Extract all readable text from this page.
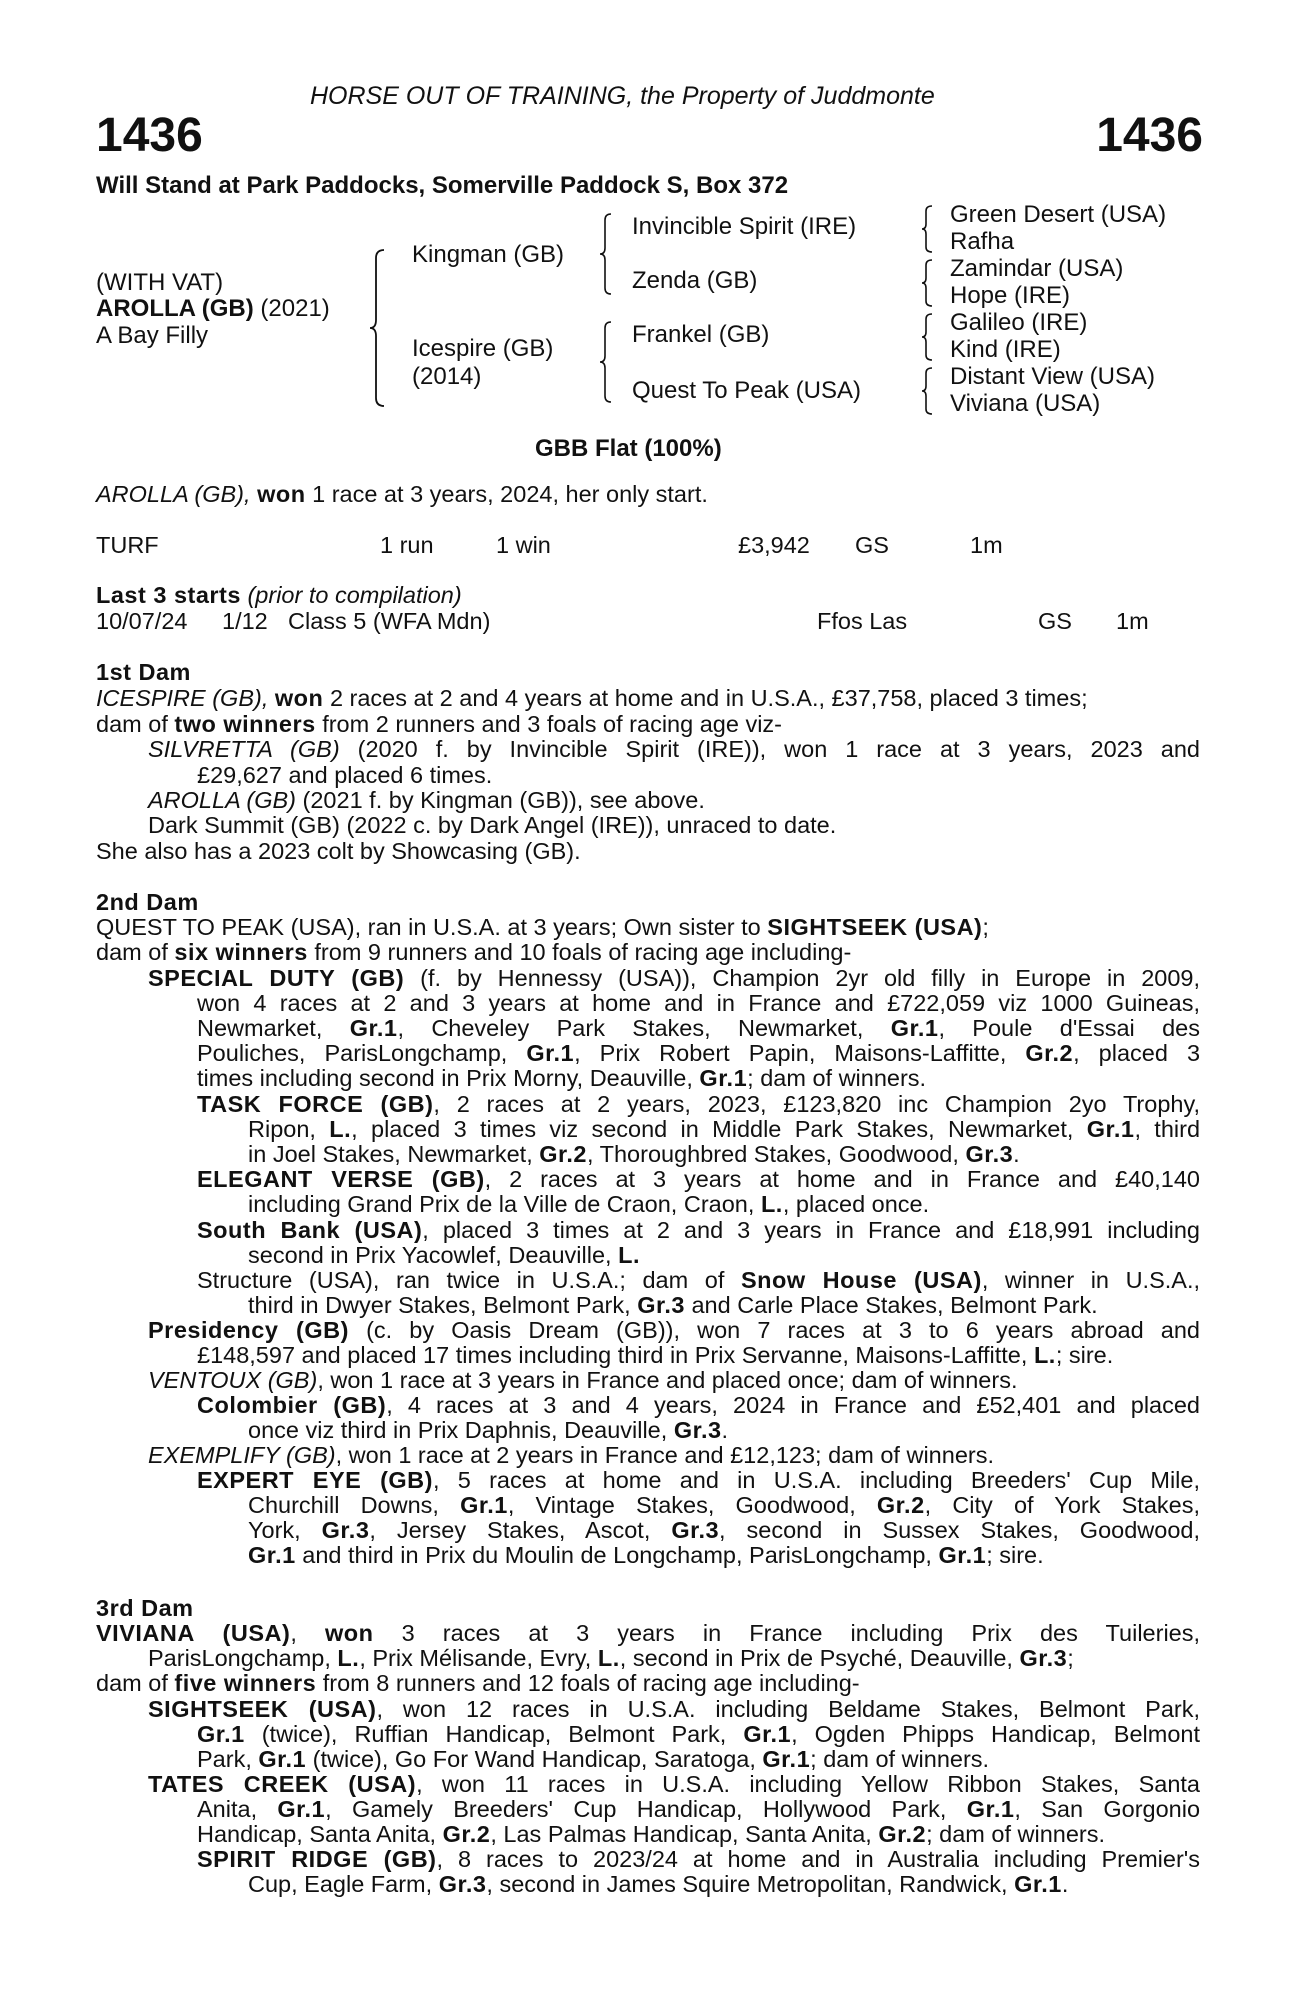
HORSE OUT OF TRAINING, the Property of Juddmonte
1436	1436
Will Stand at Park Paddocks, Somerville Paddock S, Box 372
(WITH VAT)
AROLLA (GB) (2021)
A Bay Filly
Kingman (GB)
Icespire (GB)
(2014)
Invincible Spirit (IRE)
Zenda (GB)
Frankel (GB)
Quest To Peak (USA)
Green Desert (USA)
Rafha
Zamindar (USA)
Hope (IRE)
Galileo (IRE)
Kind (IRE)
Distant View (USA)
Viviana (USA)
GBB Flat (100%)
AROLLA (GB), won 1 race at 3 years, 2024, her only start.
TURF	1 run	1 win	£3,942 GS	1m
Last 3 starts (prior to compilation)
10/07/24 1/12 Class 5 (WFA Mdn)	Ffos Las	GS 1m
1st Dam
ICESPIRE (GB), won 2 races at 2 and 4 years at home and in U.S.A., £37,758, placed 3 times;
dam of two winners from 2 runners and 3 foals of racing age viz-
SILVRETTA (GB) (2020 f. by Invincible Spirit (IRE)), won 1 race at 3 years, 2023 and
£29,627 and placed 6 times.
AROLLA (GB) (2021 f. by Kingman (GB)), see above.
Dark Summit (GB) (2022 c. by Dark Angel (IRE)), unraced to date.
She also has a 2023 colt by Showcasing (GB).
2nd Dam
QUEST TO PEAK (USA), ran in U.S.A. at 3 years; Own sister to SIGHTSEEK (USA);
dam of six winners from 9 runners and 10 foals of racing age including-
SPECIAL DUTY (GB) (f. by Hennessy (USA)), Champion 2yr old filly in Europe in 2009,
won 4 races at 2 and 3 years at home and in France and £722,059 viz 1000 Guineas,
Newmarket, Gr.1, Cheveley Park Stakes, Newmarket, Gr.1, Poule d'Essai des
Pouliches, ParisLongchamp, Gr.1, Prix Robert Papin, Maisons-Laffitte, Gr.2, placed 3
times including second in Prix Morny, Deauville, Gr.1; dam of winners.
TASK FORCE (GB), 2 races at 2 years, 2023, £123,820 inc Champion 2yo Trophy,
Ripon, L., placed 3 times viz second in Middle Park Stakes, Newmarket, Gr.1, third
in Joel Stakes, Newmarket, Gr.2, Thoroughbred Stakes, Goodwood, Gr.3.
ELEGANT VERSE (GB), 2 races at 3 years at home and in France and £40,140
including Grand Prix de la Ville de Craon, Craon, L., placed once.
South Bank (USA), placed 3 times at 2 and 3 years in France and £18,991 including
second in Prix Yacowlef, Deauville, L.
Structure (USA), ran twice in U.S.A.; dam of Snow House (USA), winner in U.S.A.,
third in Dwyer Stakes, Belmont Park, Gr.3 and Carle Place Stakes, Belmont Park.
Presidency (GB) (c. by Oasis Dream (GB)), won 7 races at 3 to 6 years abroad and
£148,597 and placed 17 times including third in Prix Servanne, Maisons-Laffitte, L.; sire.
VENTOUX (GB), won 1 race at 3 years in France and placed once; dam of winners.
Colombier (GB), 4 races at 3 and 4 years, 2024 in France and £52,401 and placed
once viz third in Prix Daphnis, Deauville, Gr.3.
EXEMPLIFY (GB), won 1 race at 2 years in France and £12,123; dam of winners.
EXPERT EYE (GB), 5 races at home and in U.S.A. including Breeders' Cup Mile,
Churchill Downs, Gr.1, Vintage Stakes, Goodwood, Gr.2, City of York Stakes,
York, Gr.3, Jersey Stakes, Ascot, Gr.3, second in Sussex Stakes, Goodwood,
Gr.1 and third in Prix du Moulin de Longchamp, ParisLongchamp, Gr.1; sire.
3rd Dam
VIVIANA (USA), won 3 races at 3 years in France including Prix des Tuileries,
ParisLongchamp, L., Prix Mélisande, Evry, L., second in Prix de Psyché, Deauville, Gr.3;
dam of five winners from 8 runners and 12 foals of racing age including-
SIGHTSEEK (USA), won 12 races in U.S.A. including Beldame Stakes, Belmont Park,
Gr.1 (twice), Ruffian Handicap, Belmont Park, Gr.1, Ogden Phipps Handicap, Belmont
Park, Gr.1 (twice), Go For Wand Handicap, Saratoga, Gr.1; dam of winners.
TATES CREEK (USA), won 11 races in U.S.A. including Yellow Ribbon Stakes, Santa
Anita, Gr.1, Gamely Breeders' Cup Handicap, Hollywood Park, Gr.1, San Gorgonio
Handicap, Santa Anita, Gr.2, Las Palmas Handicap, Santa Anita, Gr.2; dam of winners.
SPIRIT RIDGE (GB), 8 races to 2023/24 at home and in Australia including Premier's
Cup, Eagle Farm, Gr.3, second in James Squire Metropolitan, Randwick, Gr.1.
